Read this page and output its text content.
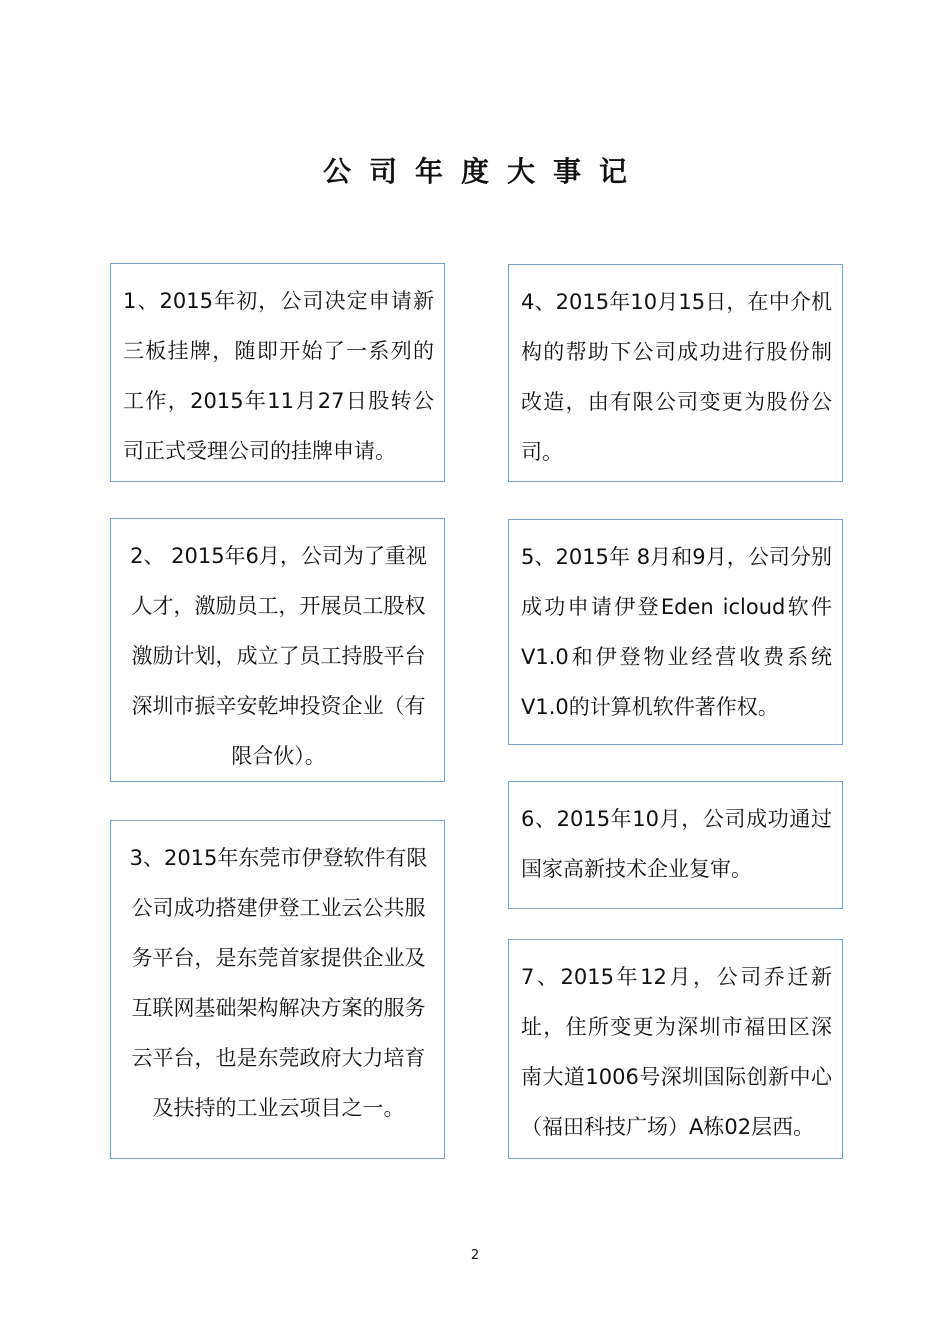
公司年度大事记
1、2015年初，公司决定申请新三板挂牌，随即开始了一系列的工作，2015年11月27日股转公司正式受理公司的挂牌申请。
2、 2015年6月，公司为了重视人才，激励员工，开展员工股权激励计划，成立了员工持股平台深圳市振辛安乾坤投资企业（有限合伙）。
3、2015年东莞市伊登软件有限公司成功搭建伊登工业云公共服务平台，是东莞首家提供企业及互联网基础架构解决方案的服务云平台，也是东莞政府大力培育及扶持的工业云项目之一。
4、2015年10月15日，在中介机构的帮助下公司成功进行股份制改造，由有限公司变更为股份公司。
5、2015年 8月和9月，公司分别成功申请伊登Eden icloud软件V1.0和伊登物业经营收费系统V1.0的计算机软件著作权。
6、2015年10月，公司成功通过国家高新技术企业复审。
7、2015年12月，公司乔迁新址，住所变更为深圳市福田区深南大道1006号深圳国际创新中心（福田科技广场）A栋02层西。
2
